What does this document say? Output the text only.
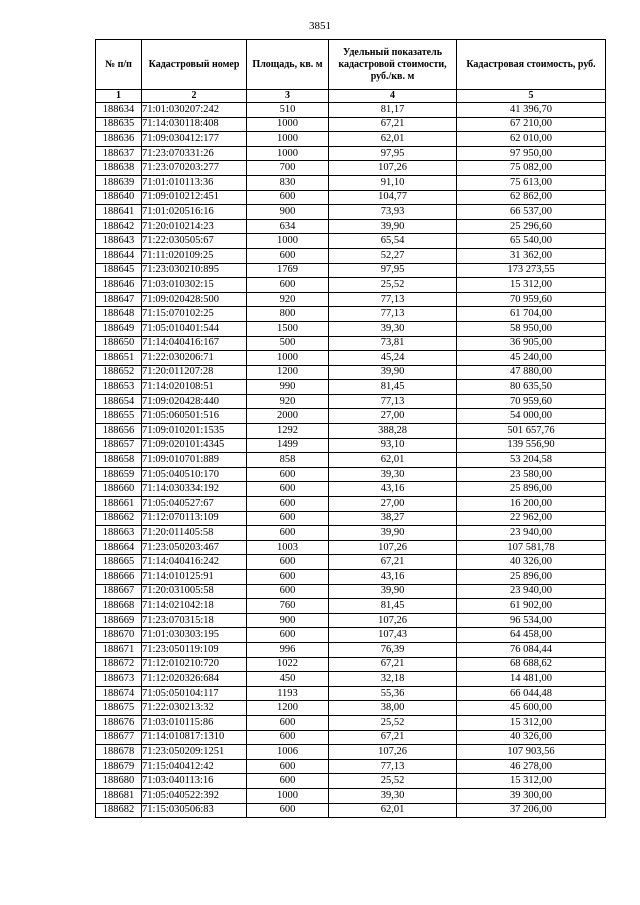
3851
№ п/п	Кадастровый номер	Площадь, кв. м	Удельный показатель кадастровой стоимости, руб./кв. м	Кадастровая стоимость, руб.
1	2	3	4	5
188634	71:01:030207:242	510	81,17	41 396,70
188635	71:14:030118:408	1000	67,21	67 210,00
188636	71:09:030412:177	1000	62,01	62 010,00
188637	71:23:070331:26	1000	97,95	97 950,00
188638	71:23:070203:277	700	107,26	75 082,00
188639	71:01:010113:36	830	91,10	75 613,00
188640	71:09:010212:451	600	104,77	62 862,00
188641	71:01:020516:16	900	73,93	66 537,00
188642	71:20:010214:23	634	39,90	25 296,60
188643	71:22:030505:67	1000	65,54	65 540,00
188644	71:11:020109:25	600	52,27	31 362,00
188645	71:23:030210:895	1769	97,95	173 273,55
188646	71:03:010302:15	600	25,52	15 312,00
188647	71:09:020428:500	920	77,13	70 959,60
188648	71:15:070102:25	800	77,13	61 704,00
188649	71:05:010401:544	1500	39,30	58 950,00
188650	71:14:040416:167	500	73,81	36 905,00
188651	71:22:030206:71	1000	45,24	45 240,00
188652	71:20:011207:28	1200	39,90	47 880,00
188653	71:14:020108:51	990	81,45	80 635,50
188654	71:09:020428:440	920	77,13	70 959,60
188655	71:05:060501:516	2000	27,00	54 000,00
188656	71:09:010201:1535	1292	388,28	501 657,76
188657	71:09:020101:4345	1499	93,10	139 556,90
188658	71:09:010701:889	858	62,01	53 204,58
188659	71:05:040510:170	600	39,30	23 580,00
188660	71:14:030334:192	600	43,16	25 896,00
188661	71:05:040527:67	600	27,00	16 200,00
188662	71:12:070113:109	600	38,27	22 962,00
188663	71:20:011405:58	600	39,90	23 940,00
188664	71:23:050203:467	1003	107,26	107 581,78
188665	71:14:040416:242	600	67,21	40 326,00
188666	71:14:010125:91	600	43,16	25 896,00
188667	71:20:031005:58	600	39,90	23 940,00
188668	71:14:021042:18	760	81,45	61 902,00
188669	71:23:070315:18	900	107,26	96 534,00
188670	71:01:030303:195	600	107,43	64 458,00
188671	71:23:050119:109	996	76,39	76 084,44
188672	71:12:010210:720	1022	67,21	68 688,62
188673	71:12:020326:684	450	32,18	14 481,00
188674	71:05:050104:117	1193	55,36	66 044,48
188675	71:22:030213:32	1200	38,00	45 600,00
188676	71:03:010115:86	600	25,52	15 312,00
188677	71:14:010817:1310	600	67,21	40 326,00
188678	71:23:050209:1251	1006	107,26	107 903,56
188679	71:15:040412:42	600	77,13	46 278,00
188680	71:03:040113:16	600	25,52	15 312,00
188681	71:05:040522:392	1000	39,30	39 300,00
188682	71:15:030506:83	600	62,01	37 206,00
